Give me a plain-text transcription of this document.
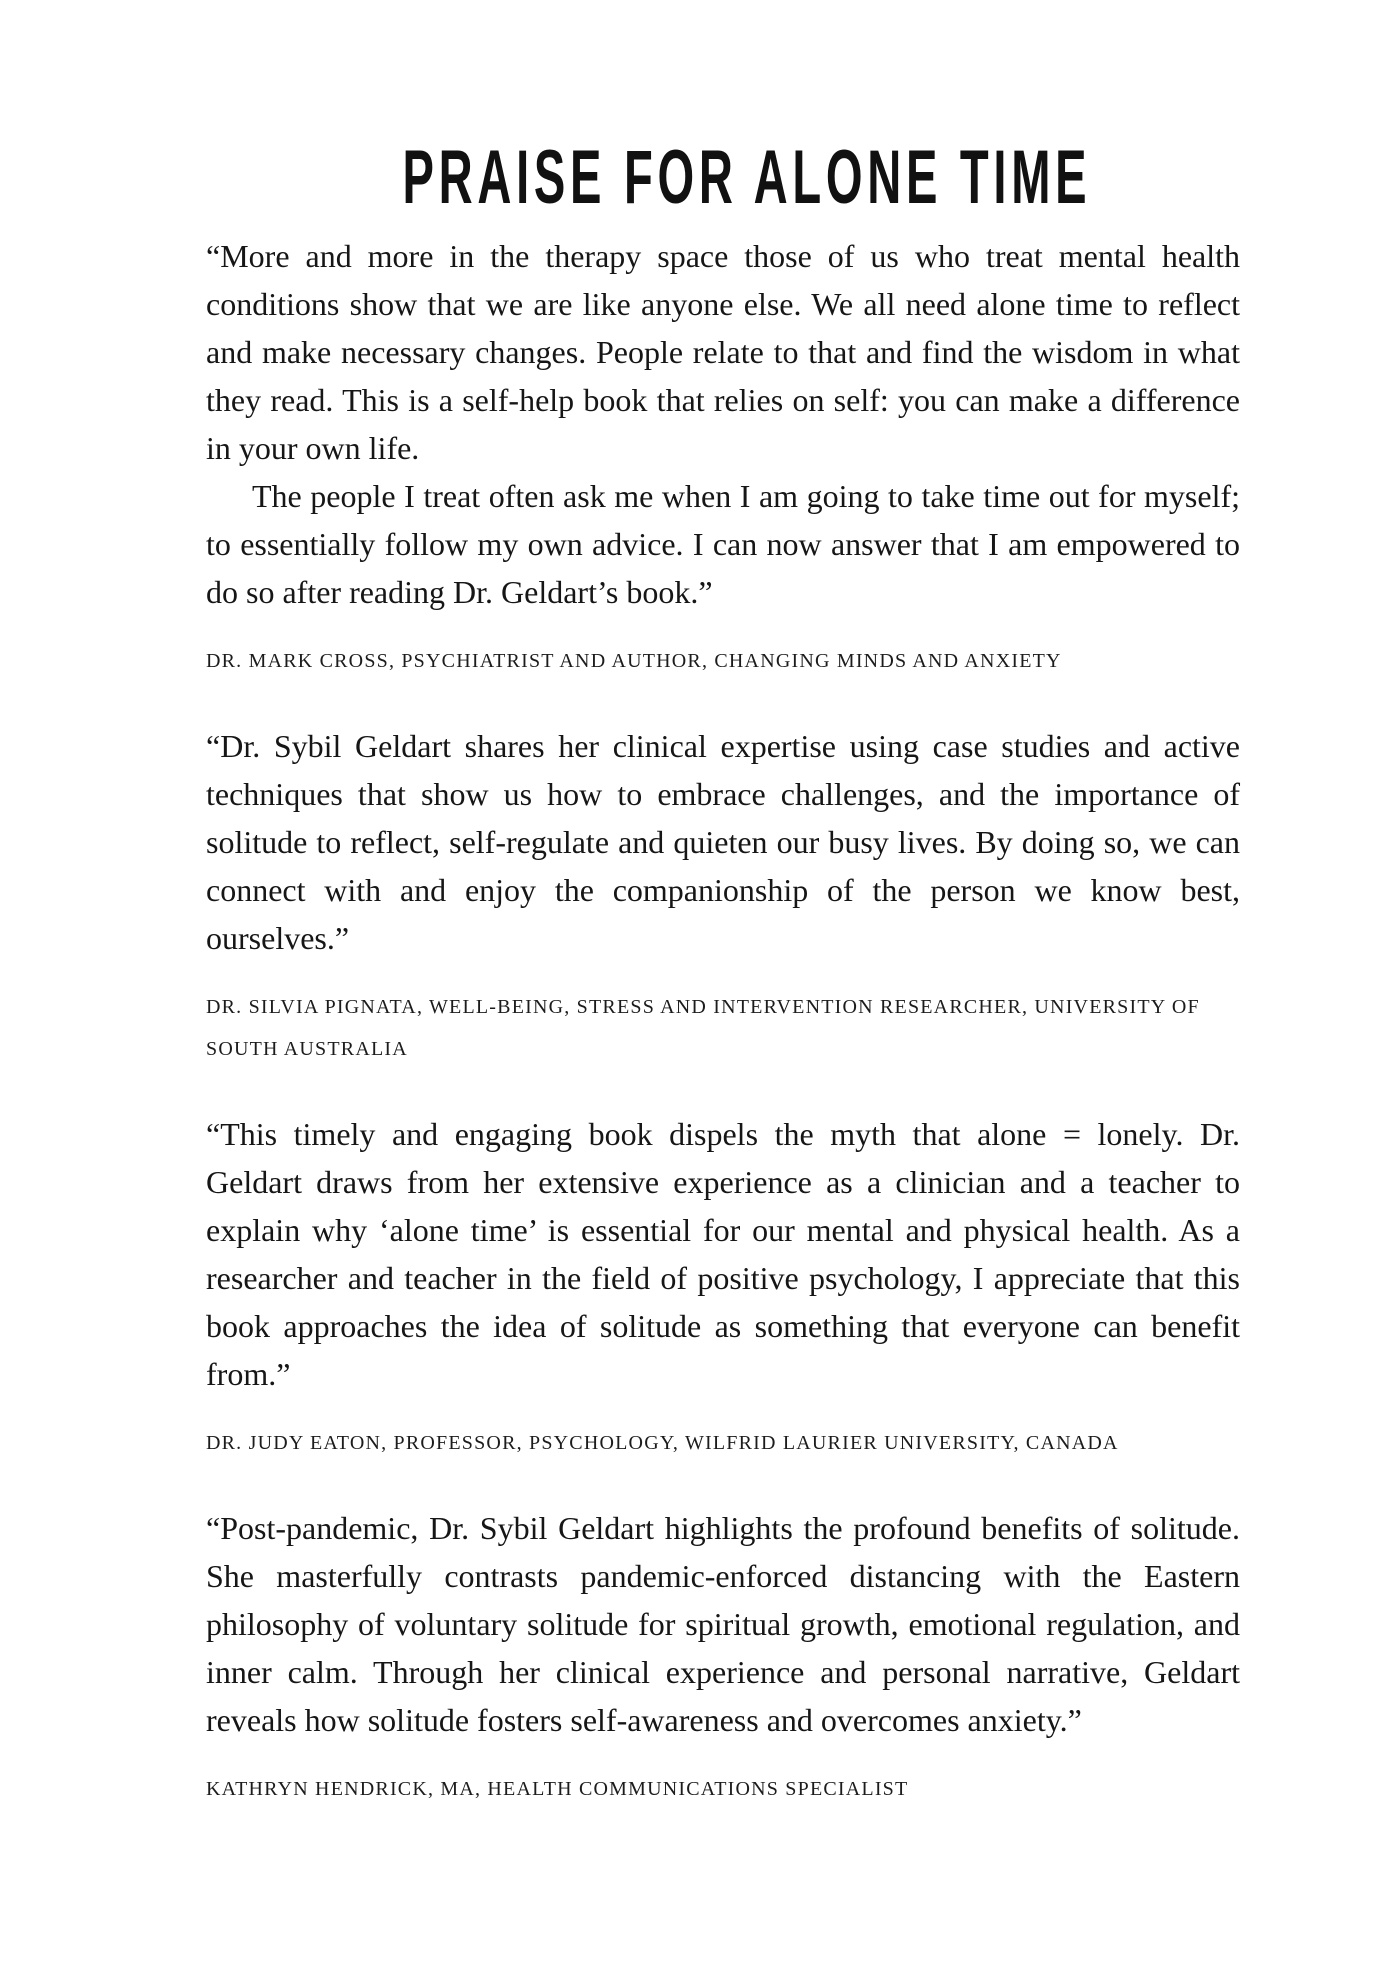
PRAISE FOR ALONE TIME

“More and more in the therapy space those of us who treat mental health conditions show that we are like anyone else. We all need alone time to reflect and make necessary changes. People relate to that and find the wisdom in what they read. This is a self-help book that relies on self: you can make a difference in your own life.

The people I treat often ask me when I am going to take time out for myself; to essentially follow my own advice. I can now answer that I am empowered to do so after reading Dr. Geldart’s book.”

DR. MARK CROSS, PSYCHIATRIST AND AUTHOR, CHANGING MINDS AND ANXIETY

“Dr. Sybil Geldart shares her clinical expertise using case studies and active techniques that show us how to embrace challenges, and the importance of solitude to reflect, self-regulate and quieten our busy lives. By doing so, we can connect with and enjoy the companionship of the person we know best, ourselves.”

DR. SILVIA PIGNATA, WELL-BEING, STRESS AND INTERVENTION RESEARCHER, UNIVERSITY OF SOUTH AUSTRALIA

“This timely and engaging book dispels the myth that alone = lonely. Dr. Geldart draws from her extensive experience as a clinician and a teacher to explain why ‘alone time’ is essential for our mental and physical health. As a researcher and teacher in the field of positive psychology, I appreciate that this book approaches the idea of solitude as something that everyone can benefit from.”

DR. JUDY EATON, PROFESSOR, PSYCHOLOGY, WILFRID LAURIER UNIVERSITY, CANADA

“Post-pandemic, Dr. Sybil Geldart highlights the profound benefits of solitude. She masterfully contrasts pandemic-enforced distancing with the Eastern philosophy of voluntary solitude for spiritual growth, emotional regulation, and inner calm. Through her clinical experience and personal narrative, Geldart reveals how solitude fosters self-awareness and overcomes anxiety.”

KATHRYN HENDRICK, MA, HEALTH COMMUNICATIONS SPECIALIST
